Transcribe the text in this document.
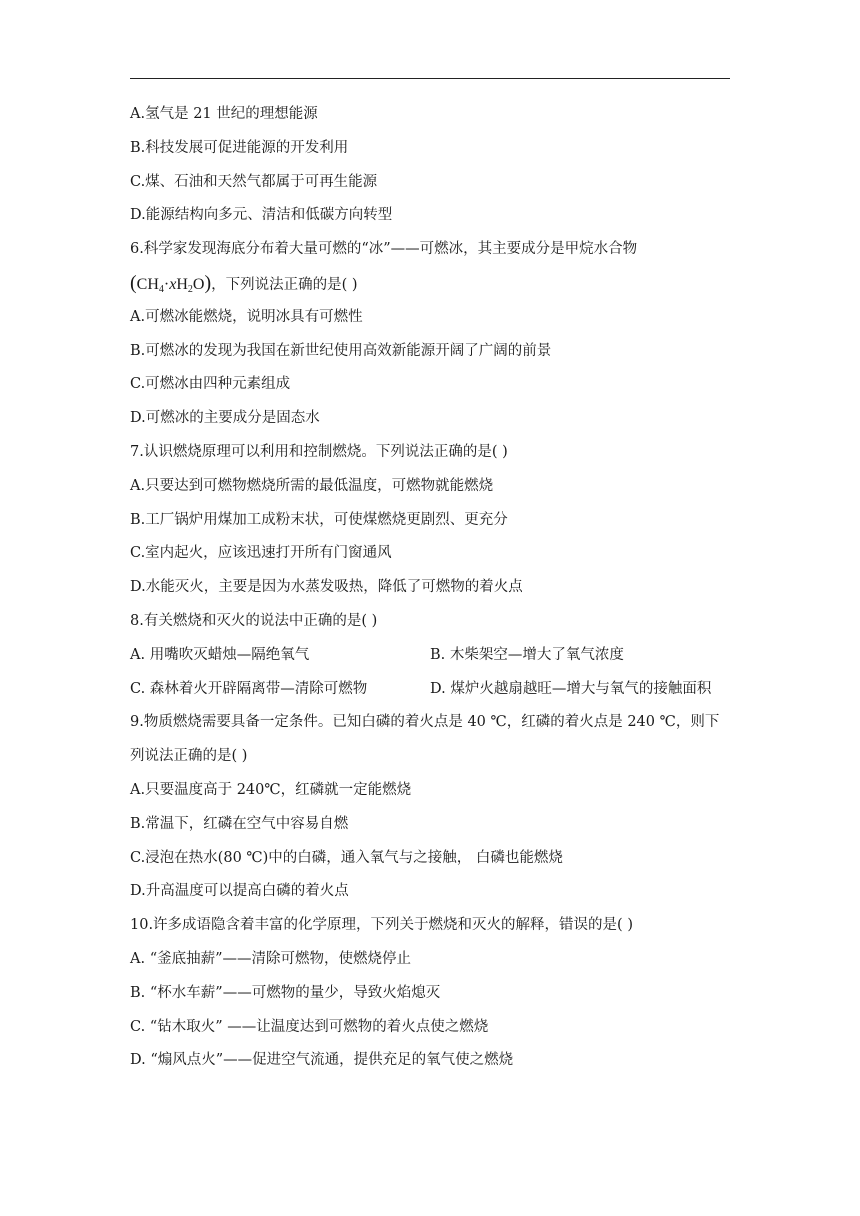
A.氢气是 21 世纪的理想能源
B.科技发展可促进能源的开发利用
C.煤、石油和天然气都属于可再生能源
D.能源结构向多元、清洁和低碳方向转型
6.科学家发现海底分布着大量可燃的“冰”——可燃冰，其主要成分是甲烷水合物
$(CH_4\cdot xH_2O)$，下列说法正确的是( )
A.可燃冰能燃烧，说明冰具有可燃性
B.可燃冰的发现为我国在新世纪使用高效新能源开阔了广阔的前景
C.可燃冰由四种元素组成
D.可燃冰的主要成分是固态水
7.认识燃烧原理可以利用和控制燃烧。下列说法正确的是( )
A.只要达到可燃物燃烧所需的最低温度，可燃物就能燃烧
B.工厂锅炉用煤加工成粉末状，可使煤燃烧更剧烈、更充分
C.室内起火，应该迅速打开所有门窗通风
D.水能灭火，主要是因为水蒸发吸热，降低了可燃物的着火点
8.有关燃烧和灭火的说法中正确的是( )
A. 用嘴吹灭蜡烛—隔绝氧气	B. 木柴架空—增大了氧气浓度
C. 森林着火开辟隔离带—清除可燃物	D. 煤炉火越扇越旺—增大与氧气的接触面积
9.物质燃烧需要具备一定条件。已知白磷的着火点是 40 ℃，红磷的着火点是 240 ℃，则下
列说法正确的是( )
A.只要温度高于 240℃，红磷就一定能燃烧
B.常温下，红磷在空气中容易自燃
C.浸泡在热水(80 ℃)中的白磷，通入氧气与之接触， 白磷也能燃烧
D.升高温度可以提高白磷的着火点
10.许多成语隐含着丰富的化学原理，下列关于燃烧和灭火的解释，错误的是( )
A. “釜底抽薪”——清除可燃物，使燃烧停止
B. “杯水车薪”——可燃物的量少，导致火焰熄灭
C. “钻木取火” ——让温度达到可燃物的着火点使之燃烧
D. “煽风点火”——促进空气流通，提供充足的氧气使之燃烧
